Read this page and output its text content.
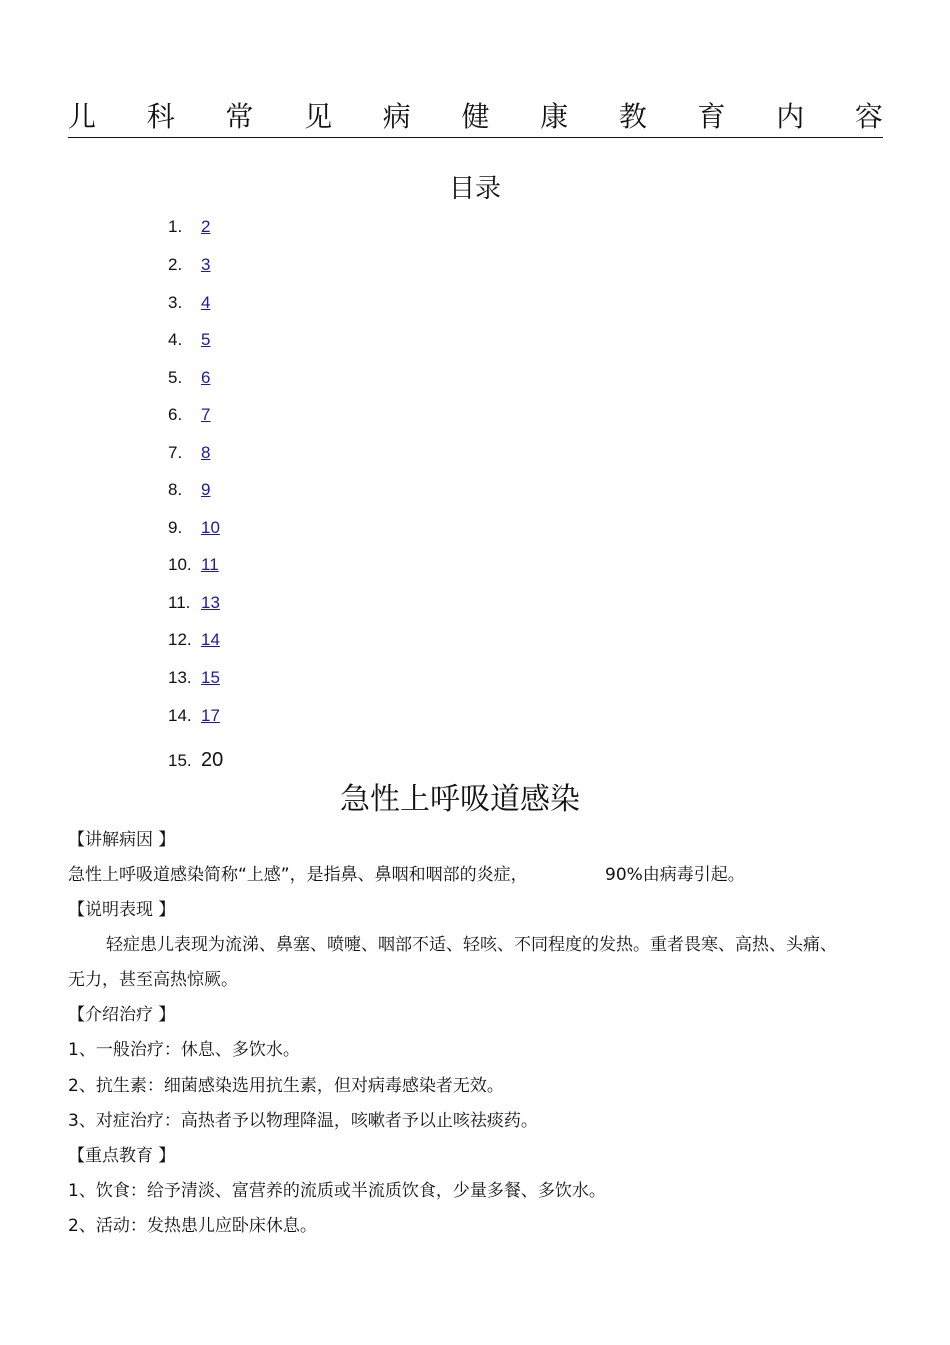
儿 科 常 见 病 健 康 教 育 内 容
目录
1. 2
2. 3
3. 4
4. 5
5. 6
6. 7
7. 8
8. 9
9. 10
10. 11
11. 13
12. 14
13. 15
14. 17
15. 20
急性上呼吸道感染
【讲解病因 】
急性上呼吸道感染简称“上感”，是指鼻、鼻咽和咽部的炎症，	90%由病毒引起。
【说明表现 】
轻症患儿表现为流涕、鼻塞、喷嚏、咽部不适、轻咳、不同程度的发热。重者畏寒、高热、头痛、无力，甚至高热惊厥。
【介绍治疗 】
1、一般治疗：休息、多饮水。
2、抗生素：细菌感染选用抗生素，但对病毒感染者无效。
3、对症治疗：高热者予以物理降温，咳嗽者予以止咳祛痰药。
【重点教育 】
1、饮食：给予清淡、富营养的流质或半流质饮食，少量多餐、多饮水。
2、活动：发热患儿应卧床休息。
